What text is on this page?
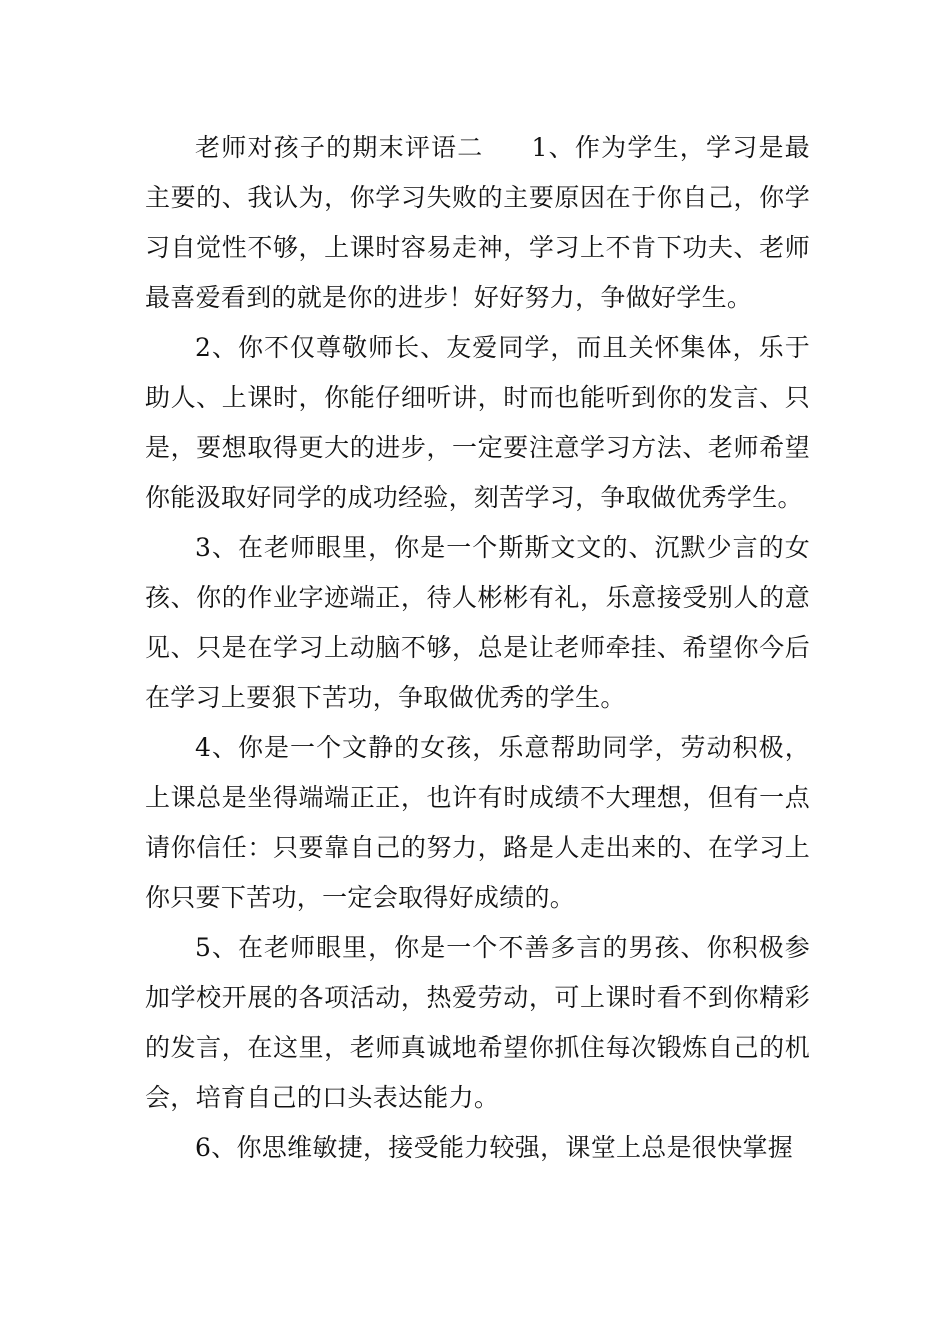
老师对孩子的期末评语二 1、作为学生，学习是最主要的、我认为，你学习失败的主要原因在于你自己，你学习自觉性不够，上课时容易走神，学习上不肯下功夫、老师最喜爱看到的就是你的进步！好好努力，争做好学生。

2、你不仅尊敬师长、友爱同学，而且关怀集体，乐于助人、上课时，你能仔细听讲，时而也能听到你的发言、只是，要想取得更大的进步，一定要注意学习方法、老师希望你能汲取好同学的成功经验，刻苦学习，争取做优秀学生。

3、在老师眼里，你是一个斯斯文文的、沉默少言的女孩、你的作业字迹端正，待人彬彬有礼，乐意接受别人的意见、只是在学习上动脑不够，总是让老师牵挂、希望你今后在学习上要狠下苦功，争取做优秀的学生。

4、你是一个文静的女孩，乐意帮助同学，劳动积极，上课总是坐得端端正正，也许有时成绩不大理想，但有一点请你信任：只要靠自己的努力，路是人走出来的、在学习上你只要下苦功，一定会取得好成绩的。

5、在老师眼里，你是一个不善多言的男孩、你积极参加学校开展的各项活动，热爱劳动，可上课时看不到你精彩的发言，在这里，老师真诚地希望你抓住每次锻炼自己的机会，培育自己的口头表达能力。

6、你思维敏捷，接受能力较强，课堂上总是很快掌握
